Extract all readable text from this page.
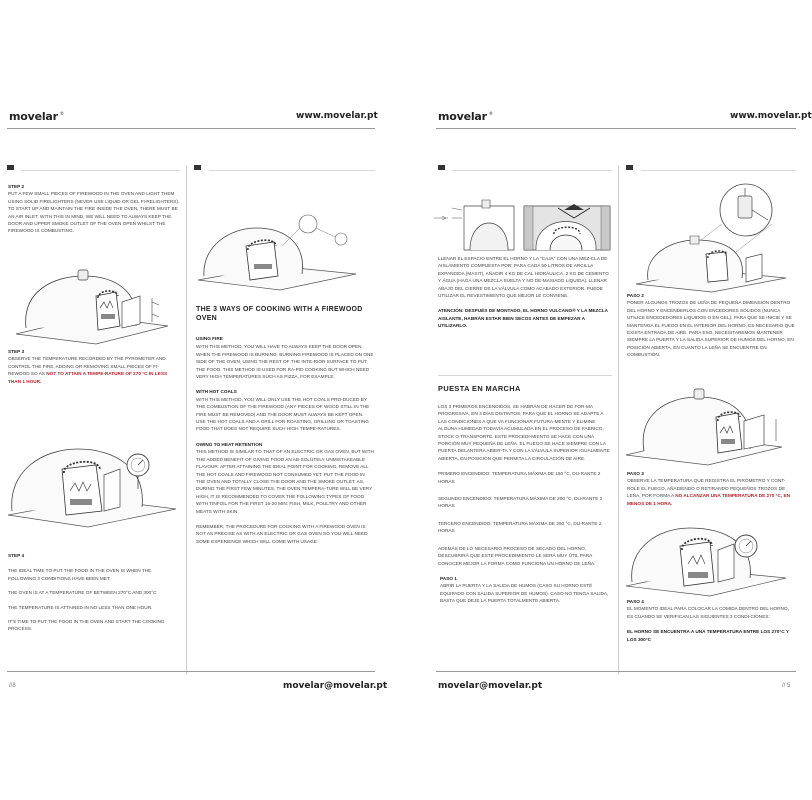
movelar ®	www.movelar.pt
STEP 2
PUT A FEW SMALL PIECES OF FIREWOOD IN THE OVEN AND LIGHT THEM USING SOLID FIRELIGHTERS (NEVER USE LIQUID OR GEL FI-RELIGHTERS). TO START UP AND MAINTAIN THE FIRE INSIDE THE OVEN, THERE MUST BE AN AIR INLET. WITH THIS IN MIND, WE WILL NEED TO ALWAYS KEEP THE DOOR AND UPPER SMOKE OUTLET OF THE OVEN OPEN WHILST THE FIREWOOD IS COMBUSTING.
STEP 3
OBSERVE THE TEMPERATURE RECORDED BY THE PYROMETER AND CONTROL THE FIRE, ADDING OR REMOVING SMALL PIECES OF FI-REWOOD SO AS NOT TO ATTAIN A TEMPE-RATURE OF 270 °C IN LESS THAN 1 HOUR.
STEP 4
THE IDEAL TIME TO PUT THE FOOD IN THE OVEN IS WHEN THE FOLLOWING 3 CONDITIONS HAVE BEEN MET:
THE OVEN IS AT A TEMPERATURE OF BETWEEN 270°C AND 300°C
THE TEMPERATURE IS ATTAINED IN NO LESS THAN ONE HOUR.
IT'S TIME TO PUT THE FOOD IN THE OVEN AND START THE COOKING PROCESS.
THE 3 WAYS OF COOKING WITH A FIREWOOD OVEN
USING FIRE
WITH THIS METHOD, YOU WILL HAVE TO ALWAYS KEEP THE DOOR OPEN WHEN THE FIREWOOD IS BURNING. BURNING FIREWOOD IS PLACED ON ONE SIDE OF THE OVEN, USING THE REST OF THE INTE-RIOR SURFACE TO PUT THE FOOD. THIS METHOD IS USED FOR RA-PID COOKING BUT WHICH NEED VERY HIGH TEMPERATURES SUCH AS PIZZA, FOR EXAMPLE.
WITH HOT COALS
WITH THIS METHOD, YOU WILL ONLY USE THE HOT COALS PRO-DUCED BY THE COMBUSTION OF THE FIREWOOD (ANY PIECES OF WOOD STILL IN THE FIRE MUST BE REMOVED) AND THE DOOR MUST ALWAYS BE KEPT OPEN. USE THE HOT COALS AND A GRILL FOR ROASTING, GRILLING OR TOASTING FOOD THAT DOES NOT REQUIRE SUCH HIGH TEMPE-RATURES.
OWING TO HEAT RETENTION
THIS METHOD IS SIMILAR TO THAT OF AN ELECTRIC OR GAS OVEN, BUT WITH THE ADDED BENEFIT OF GIVING FOOD AN AB-SOLUTELY UNMISTAKEABLE FLAVOUR. AFTER ATTAINING THE IDEAL POINT FOR COOKING, REMOVE ALL THE HOT COALS AND FIREWOOD NOT CONSUMED YET. PUT THE FOOD IN THE OVEN AND TOTALLY CLOSE THE DOOR AND THE SMOKE OUTLET. AS, DURING THE FIRST FEW MINUTES, THE OVEN TEMPERA-TURE WILL BE VERY HIGH, IT IS RECOMMENDED TO COVER THE FOLLOWING TYPES OF FOOD WITH TINFOIL FOR THE FIRST 15-20 MIN: FISH, MILK, POULTRY AND OTHER MEATS WITH SKIN.
REMEMBER, THE PROCEDURE FOR COOKING WITH A FIREWOOD OVEN IS NOT AS PRECISE AS WITH AN ELECTRIC OR GAS OVEN SO YOU WILL NEED SOME EXPERIENCE WHICH WILL COME WITH USAGE.
//8	movelar@movelar.pt
movelar ®	www.movelar.pt
LLENAR EL ESPACIO ENTRE EL HORNO Y LA "CAJA" CON UNA MEZ-CLA DE AISLAMIENTO COMPUESTA POR: PARA CADA 50 LITROS DE ARCILLA EXPANDIDA (MAXIT), AÑADIR 4 KG DE CAL HIDRÁULICA, 2 KG DE CEMENTO Y ÁGUA (HAGA UNA MEZCLA SUELTA Y NO DE-MASIADO LIQUIDA). LLENAR ABAJO DEL CIERRE DE LA VÁLVULA COMO ACABADO EXTERIOR. PUEDE UTILIZAR EL REVESTIMIENTO QUE MEJOR LE CONVIENE.
ATENCIÓN: DESPUÉS DE MONTADO, EL HORNO VULCANO® Y LA MEZCLA AISLANTE, HABRÁN ESTAR BIEN SECOS ANTES DE EMPEZAR A UTILIZARLO.
PUESTA EN MARCHA
LOS 3 PRIMEROS ENCENDIDOS, SE HABRÁN DE HACER DE FOR-MA PROGRESIVA, EN 3 DÍAS DISTINTOS, PARA QUE EL HORNO SE ADAPTE A LAS CONDICIONES A QUE VA FUNCIONAR FUTURA-MENTE Y ELIMINE ALGUNA HUMEDAD TODAVÍA ACUMULADA EN EL PROCESO DE FABRICO, STOCK O TRANSPORTE. ESTE PROCEDI-MIENTO SE HACE CON UNA PORCIÓN MUY PEQUEÑA DE LEÑA. EL FUEGO SE HACE SIEMPRE CON LA PUERTA DELANTERA ABIER-TA Y CON LA VÁLVULA SUPERIOR IGUALMENTE ABIERTA, EN POSICIÓN QUE PERMITA LA CIRCULACIÓN DE AIRE.
PRIMERO ENCENDIDO: TEMPERATURA MÁXIMA DE 150 °C, DU-RANTE 2 HORAS
SEGUNDO ENCENDIDO: TEMPERATURA MÁXIMA DE 200 °C, DU-RANTE 2 HORAS
TERCERO ENCENDIDO: TEMPERATURA MÁXIMA DE 250 °C, DU-RANTE 2 HORAS
ADEMÁS DE LO NECESARIO PROCESO DE SECADO DEL HORNO, DESCUBRIRÁ QUE ESTE PROCEDIMIENTO LE SERÁ MUY ÚTIL PARA CONOCER MEJOR LA FORMA COMO FUNCIONA UN HORNO DE LEÑA.
PASO 1
ABRIR LA PUERTA Y LA SALIDA DE HUMOS (CASO SU HORNO ESTÉ EQUIPADO CON SALIDA SUPERIOR DE HUMOS). CASO NO TENGA SALIDA, BASTA QUE DEJE LA PUERTA TOTALMENTE ABIERTA.
PASO 2
PONER ALGUNOS TROZOS DE LEÑA DE PEQUEÑA DIMENSIÓN DENTRO DEL HORNO Y ENCENDERLOS CON ENCEDORES SÓLIDOS (NUNCA UTILICE ENCEDEDORES LIQUIDOS O EN GEL). PARA QUE SE INICIE Y SE MANTENGA EL FUEGO EN EL INTERIOR DEL HORNO, ES NECESARIO QUE EXISTA ENTRADA DE AIRE. PARA ESO, NECESITAREMOS MANTENER SIEMPRE LA PUERTA Y LA SALIDA SUPERIOR DE HUMOS DEL HORNO, EN POSICIÓN ABIERTA, EN CUANTO LA LEÑA SE ENCUENTRE EN COMBUSTIÓN.
PASO 3
OBSERVE LA TEMPERATURA QUE REGISTRA EL PIRÓMETRO Y CONT-ROLE EL FUEGO, AÑADIENDO O RETIRANDO PEQUEÑOS TROZOS DE LEÑA, POR FORMA A NO ALCANZAR UNA TEMPERATURA DE 270 °C, EN MENOS DE 1 HORA.
PASO 4
EL MOMENTO IDEAL PARA COLOCAR LA COMIDA DENTRO DEL HORNO, ES CUANDO SE VERIFICAN LAS SIGUIENTES 3 CONDI-CIONES:
EL HORNO SE ENCUENTRA A UNA TEMPERATURA ENTRE LOS 270°C Y LOS 300°C
movelar@movelar.pt	// 5
